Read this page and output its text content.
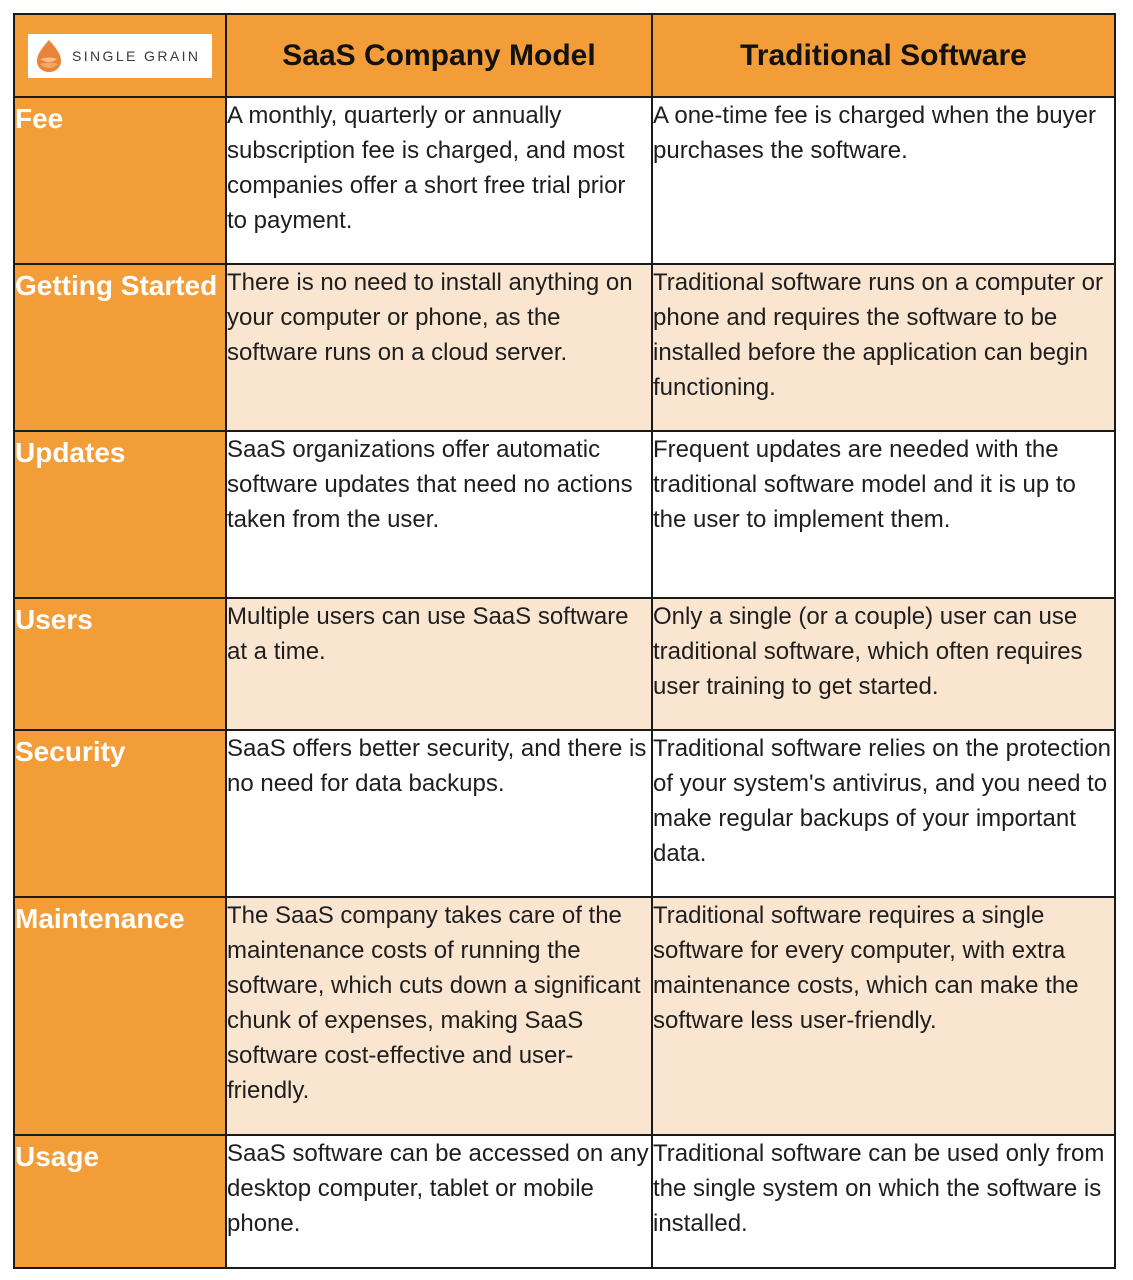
SINGLE GRAIN	SaaS Company Model	Traditional Software
Fee	A monthly, quarterly or annually subscription fee is charged, and most companies offer a short free trial prior to payment.	A one-time fee is charged when the buyer purchases the software.
Getting Started	There is no need to install anything on your computer or phone, as the software runs on a cloud server.	Traditional software runs on a computer or phone and requires the software to be installed before the application can begin functioning.
Updates	SaaS organizations offer automatic software updates that need no actions taken from the user.	Frequent updates are needed with the traditional software model and it is up to the user to implement them.
Users	Multiple users can use SaaS software at a time.	Only a single (or a couple) user can use traditional software, which often requires user training to get started.
Security	SaaS offers better security, and there is no need for data backups.	Traditional software relies on the protection of your system's antivirus, and you need to make regular backups of your important data.
Maintenance	The SaaS company takes care of the maintenance costs of running the software, which cuts down a significant chunk of expenses, making SaaS software cost-effective and user-friendly.	Traditional software requires a single software for every computer, with extra maintenance costs, which can make the software less user-friendly.
Usage	SaaS software can be accessed on any desktop computer, tablet or mobile phone.	Traditional software can be used only from the single system on which the software is installed.
